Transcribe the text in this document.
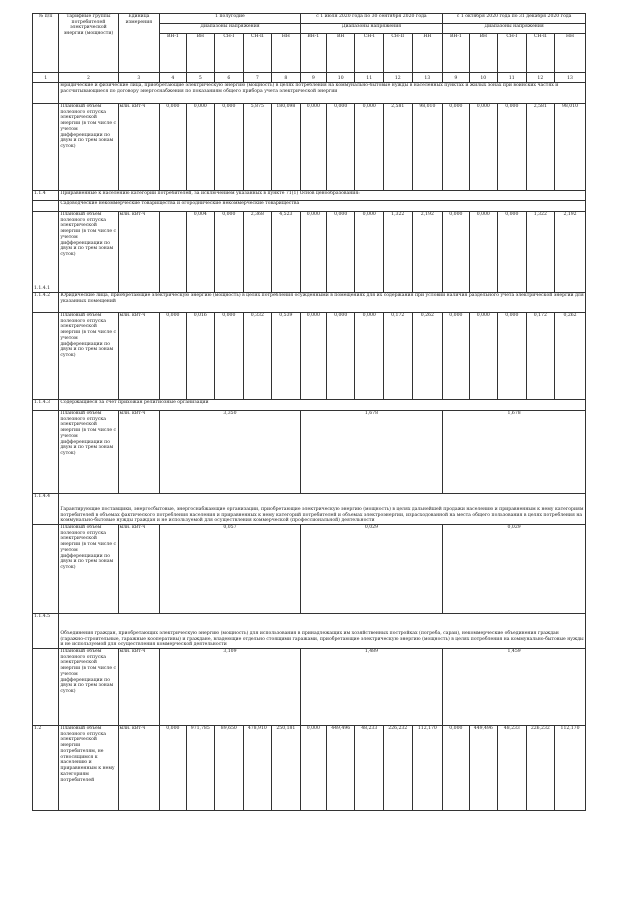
№ п/п	Тарифные группы потребителей электрической энергии (мощности)	Единица измерения	1 полугодие					с 1 июля 2020 года по 30 сентября 2020 года					с 1 октября 2020 года по 31 декабря 2020 года				
			Диапазоны напряжения					Диапазоны напряжения					Диапазоны напряжения				
			ВН-1	ВН	СН-I	СН-II	НН	ВН-1	ВН	СН-I	СН-II	НН	ВН-1	ВН	СН-I	СН-II	НН
1	2	3	4	5	6	7	8	9	10	11	12	13	9	10	11	12	13
	юридические и физические лица, приобретающие электрическую энергию (мощность) в целях потребления на коммунально-бытовые нужды в населенных пунктах и жилых зонах при воинских частях и рассчитывающиеся по договору энергоснабжения по показаниям общего прибора учета электрической энергии																
	Плановый объем полезного отпуска электрической энергии (в том числе с учетом дифференциации по двум и по трем зонам суток)	млн. кВт·ч	0,000	0,000	0,000	5,875	180,098	0,000	0,000	0,000	2,581	98,010	0,000	0,000	0,000	2,581	98,010
1.1.4	Приравненные к населению категории потребителей, за исключением указанных в пункте 71(1) Основ ценообразования:																
	Садоводческие некоммерческие товарищества и огороднические некоммерческие товарищества																
1.1.4.1	Плановый объем полезного отпуска электрической энергии (в том числе с учетом дифференциации по двум и по трем зонам суток)	млн. кВт·ч		0,004	0,000	2,368	4,523	0,000	0,000	0,000	1,322	2,192	0,000	0,000	0,000	1,322	2,192
1.1.4.2	Юридические лица, приобретающие электрическую энергию (мощность) в целях потребления осужденными в помещениях для их содержания при условии наличия раздельного учета электрической энергии для указанных помещений																
	Плановый объем полезного отпуска электрической энергии (в том числе с учетом дифференциации по двум и по трем зонам суток)	млн. кВт·ч	0,000	0,016	0,000	0,332	0,539	0,000	0,000	0,000	0,172	0,262	0,000	0,000	0,000	0,172	0,262
1.1.4.3	Содержащиеся за счет прихожан религиозные организации																
	Плановый объем полезного отпуска электрической энергии (в том числе с учетом дифференциации по двум и по трем зонам суток)	млн. кВт·ч	3,350					1,678					1,678				
1.1.4.4	Гарантирующие поставщики, энергосбытовые, энергоснабжающие организации, приобретающие электрическую энергию (мощность) в целях дальнейшей продажи населению и приравненным к нему категориям потребителей в объемах фактического потребления населения и приравненных к нему категорий потребителей и объемах электроэнергии, израсходованной на места общего пользования в целях потребления на коммунально-бытовые нужды граждан и не используемой для осуществления коммерческой (профессиональной) деятельности																
	Плановый объем полезного отпуска электрической энергии (в том числе с учетом дифференциации по двум и по трем зонам суток)	млн. кВт·ч	0,057					0,029					0,029				
1.1.4.5	Объединения граждан, приобретающих электрическую энергию (мощность) для использования в принадлежащих им хозяйственных постройках (погреба, сараи), некоммерческие объединения граждан (гаражно-строительные, гаражные кооперативы) и граждане, владеющие отдельно стоящими гаражами, приобретающие электрическую энергию (мощность) в целях потребления на коммунально-бытовые нужды и не используемой для осуществления коммерческой деятельности																
	Плановый объем полезного отпуска электрической энергии (в том числе с учетом дифференциации по двум и по трем зонам суток)	млн. кВт·ч	3,109					1,489					1,459				
1.2	Плановый объем полезного отпуска электрической энергии потребителям, не относящимся к населению и приравненным к нему категориям потребителей	млн. кВт·ч	0,000	971,785	89,650	478,910	250,181	0,000	449,496	48,233	226,232	112,170	0,000	449,496	48,233	226,232	112,170
